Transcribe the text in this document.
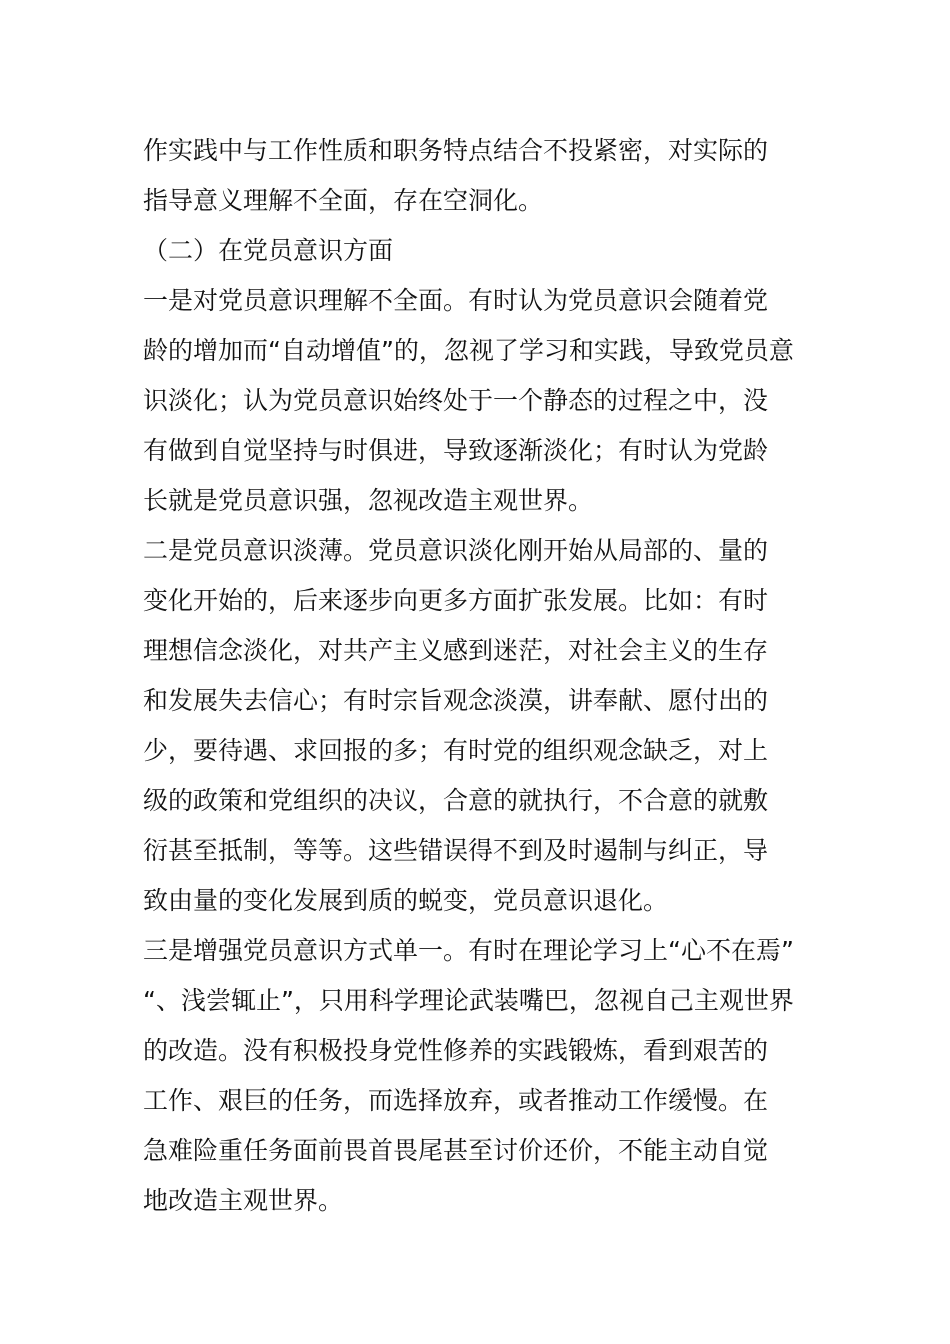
作实践中与工作性质和职务特点结合不投紧密，对实际的
指导意义理解不全面，存在空洞化。
（二）在党员意识方面
一是对党员意识理解不全面。有时认为党员意识会随着党
龄的增加而“自动增值”的，忽视了学习和实践，导致党员意
识淡化；认为党员意识始终处于一个静态的过程之中，没
有做到自觉坚持与时俱进，导致逐渐淡化；有时认为党龄
长就是党员意识强，忽视改造主观世界。
二是党员意识淡薄。党员意识淡化刚开始从局部的、量的
变化开始的，后来逐步向更多方面扩张发展。比如：有时
理想信念淡化，对共产主义感到迷茫，对社会主义的生存
和发展失去信心；有时宗旨观念淡漠，讲奉献、愿付出的
少，要待遇、求回报的多；有时党的组织观念缺乏，对上
级的政策和党组织的决议，合意的就执行，不合意的就敷
衍甚至抵制，等等。这些错误得不到及时遏制与纠正，导
致由量的变化发展到质的蜕变，党员意识退化。
三是增强党员意识方式单一。有时在理论学习上“心不在焉”
“、浅尝辄止”，只用科学理论武装嘴巴，忽视自己主观世界
的改造。没有积极投身党性修养的实践锻炼，看到艰苦的
工作、艰巨的任务，而选择放弃，或者推动工作缓慢。在
急难险重任务面前畏首畏尾甚至讨价还价，不能主动自觉
地改造主观世界。
